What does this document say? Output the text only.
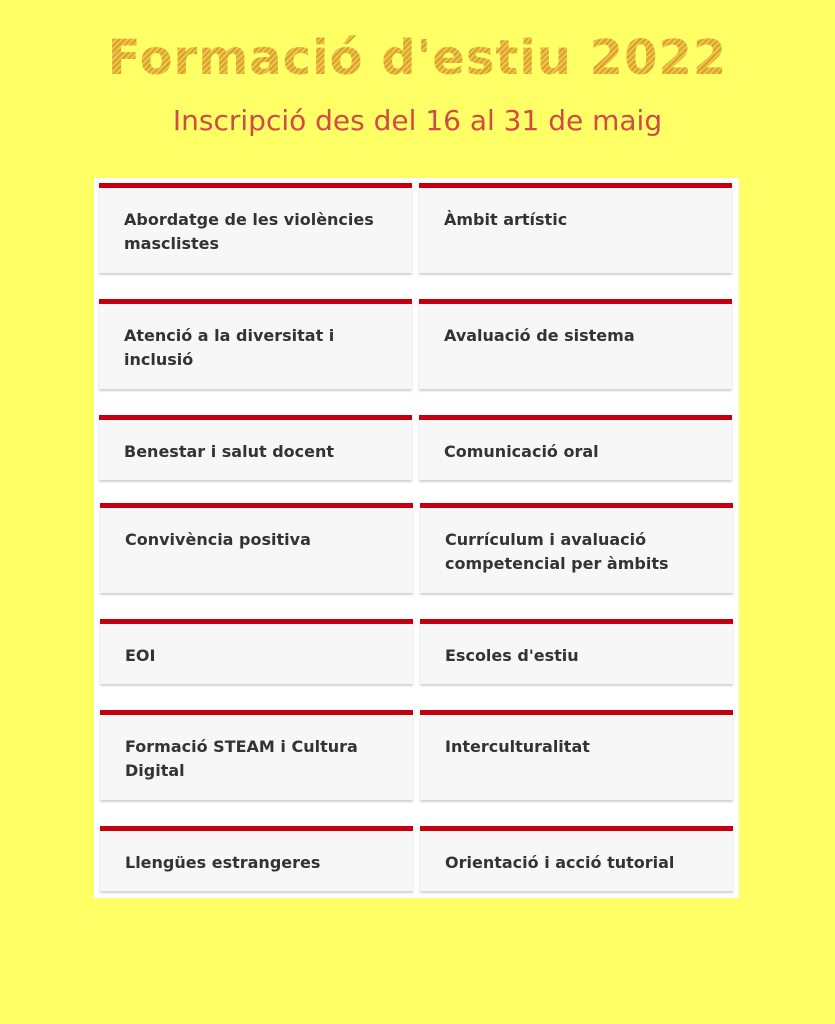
Formació d'estiu 2022
Inscripció des del 16 al 31 de maig
Abordatge de les violències masclistes
Àmbit artístic
Atenció a la diversitat i inclusió
Avaluació de sistema
Benestar i salut docent	Comunicació oral
Convivència positiva	Currículum i avaluació competencial per àmbits
EOI	Escoles d'estiu
Formació STEAM i Cultura Digital
Interculturalitat
Llengües estrangeres	Orientació i acció tutorial
